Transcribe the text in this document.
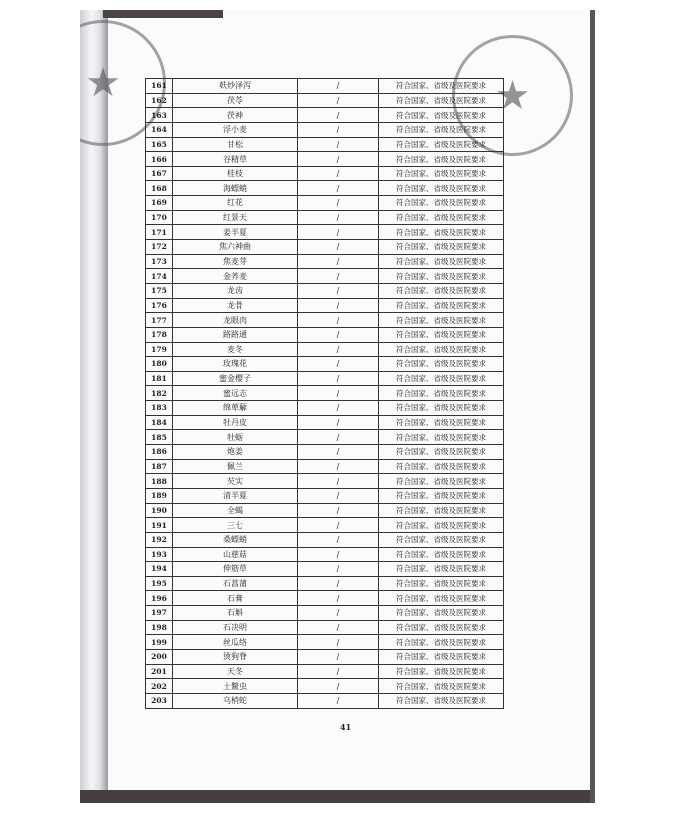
★
★	161	麸炒泽泻	/	符合国家、省级及医院要求
162	茯苓	/	符合国家、省级及医院要求
163	茯神	/	符合国家、省级及医院要求
164	浮小麦	/	符合国家、省级及医院要求
165	甘松	/	符合国家、省级及医院要求
166	谷精草	/	符合国家、省级及医院要求
167	桂枝	/	符合国家、省级及医院要求
168	海螵蛸	/	符合国家、省级及医院要求
169	红花	/	符合国家、省级及医院要求
170	红景天	/	符合国家、省级及医院要求
171	姜半夏	/	符合国家、省级及医院要求
172	焦六神曲	/	符合国家、省级及医院要求
173	焦麦芽	/	符合国家、省级及医院要求
174	金荞麦	/	符合国家、省级及医院要求
175	龙齿	/	符合国家、省级及医院要求
176	龙骨	/	符合国家、省级及医院要求
177	龙眼肉	/	符合国家、省级及医院要求
178	路路通	/	符合国家、省级及医院要求
179	麦冬	/	符合国家、省级及医院要求
180	玫瑰花	/	符合国家、省级及医院要求
181	蜜金樱子	/	符合国家、省级及医院要求
182	蜜远志	/	符合国家、省级及医院要求
183	绵萆薢	/	符合国家、省级及医院要求
184	牡丹皮	/	符合国家、省级及医院要求
185	牡蛎	/	符合国家、省级及医院要求
186	炮姜	/	符合国家、省级及医院要求
187	佩兰	/	符合国家、省级及医院要求
188	芡实	/	符合国家、省级及医院要求
189	清半夏	/	符合国家、省级及医院要求
190	全蝎	/	符合国家、省级及医院要求
191	三七	/	符合国家、省级及医院要求
192	桑螵蛸	/	符合国家、省级及医院要求
193	山慈菇	/	符合国家、省级及医院要求
194	伸筋草	/	符合国家、省级及医院要求
195	石菖蒲	/	符合国家、省级及医院要求
196	石膏	/	符合国家、省级及医院要求
197	石斛	/	符合国家、省级及医院要求
198	石决明	/	符合国家、省级及医院要求
199	丝瓜络	/	符合国家、省级及医院要求
200	烫狗脊	/	符合国家、省级及医院要求
201	天冬	/	符合国家、省级及医院要求
202	土鳖虫	/	符合国家、省级及医院要求
203	乌梢蛇	/	符合国家、省级及医院要求
41
